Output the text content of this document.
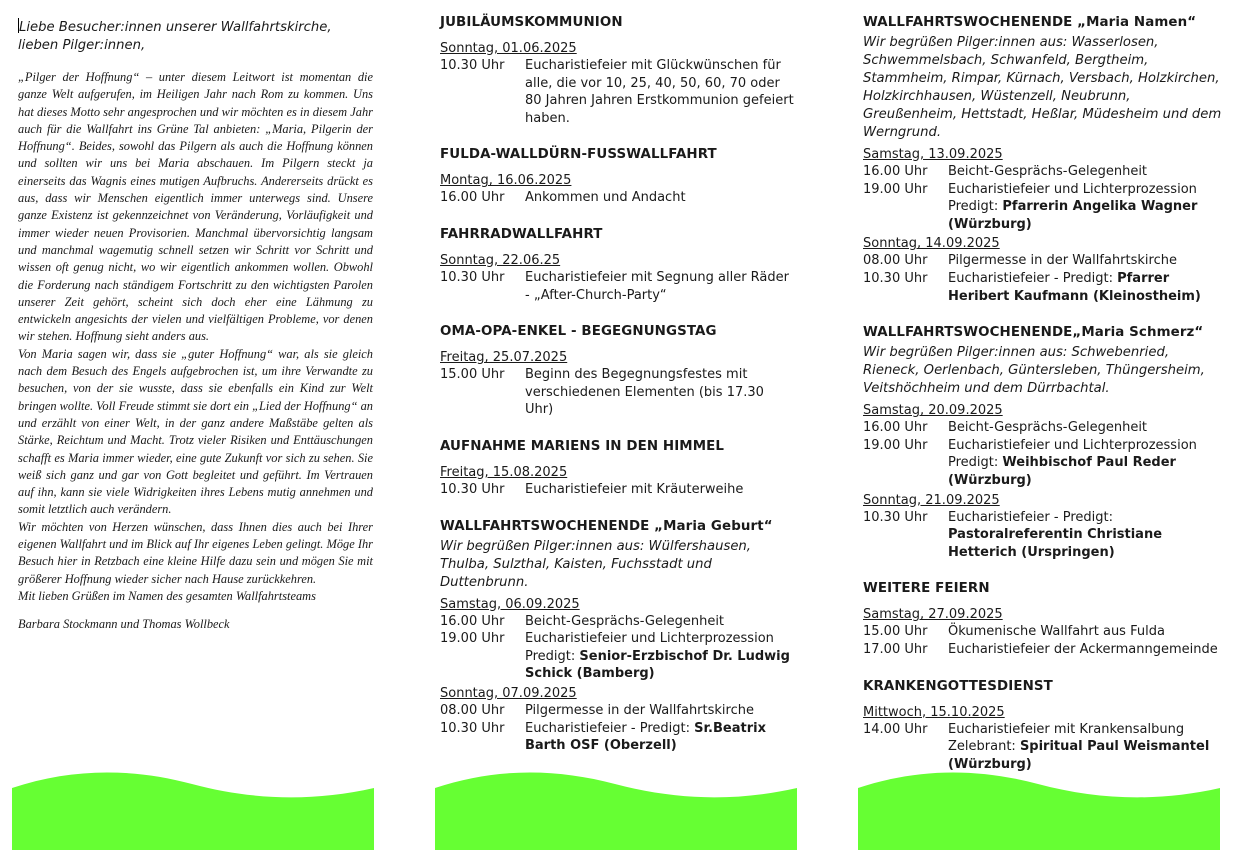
Liebe Besucher:innen unserer Wallfahrtskirche,
lieben Pilger:innen,

„Pilger der Hoffnung“ – unter diesem Leitwort ist momentan die ganze Welt aufgerufen, im Heiligen Jahr nach Rom zu kommen. Uns hat dieses Motto sehr angesprochen und wir möchten es in diesem Jahr auch für die Wallfahrt ins Grüne Tal anbieten: „Maria, Pilgerin der Hoffnung“. Beides, sowohl das Pilgern als auch die Hoffnung können und sollten wir uns bei Maria abschauen. Im Pilgern steckt ja einerseits das Wagnis eines mutigen Aufbruchs. Andererseits drückt es aus, dass wir Menschen eigentlich immer unterwegs sind. Unsere ganze Existenz ist gekennzeichnet von Veränderung, Vorläufigkeit und immer wieder neuen Provisorien. Manchmal übervorsichtig langsam und manchmal wagemutig schnell setzen wir Schritt vor Schritt und wissen oft genug nicht, wo wir eigentlich ankommen wollen. Obwohl die Forderung nach ständigem Fortschritt zu den wichtigsten Parolen unserer Zeit gehört, scheint sich doch eher eine Lähmung zu entwickeln angesichts der vielen und vielfältigen Probleme, vor denen wir stehen. Hoffnung sieht anders aus.

Von Maria sagen wir, dass sie „guter Hoffnung“ war, als sie gleich nach dem Besuch des Engels aufgebrochen ist, um ihre Verwandte zu besuchen, von der sie wusste, dass sie ebenfalls ein Kind zur Welt bringen wollte. Voll Freude stimmt sie dort ein „Lied der Hoffnung“ an und erzählt von einer Welt, in der ganz andere Maßstäbe gelten als Stärke, Reichtum und Macht. Trotz vieler Risiken und Enttäuschungen schafft es Maria immer wieder, eine gute Zukunft vor sich zu sehen. Sie weiß sich ganz und gar von Gott begleitet und geführt. Im Vertrauen auf ihn, kann sie viele Widrigkeiten ihres Lebens mutig annehmen und somit letztlich auch verändern.

Wir möchten von Herzen wünschen, dass Ihnen dies auch bei Ihrer eigenen Wallfahrt und im Blick auf Ihr eigenes Leben gelingt. Möge Ihr Besuch hier in Retzbach eine kleine Hilfe dazu sein und mögen Sie mit größerer Hoffnung wieder sicher nach Hause zurückkehren.

Mit lieben Grüßen im Namen des gesamten Wallfahrtsteams

Barbara Stockmann und Thomas Wollbeck
JUBILÄUMSKOMMUNION
Sonntag, 01.06.2025
10.30 Uhr	Eucharistiefeier mit Glückwünschen für alle, die vor 10, 25, 40, 50, 60, 70 oder 80 Jahren Jahren Erstkommunion gefeiert haben.
FULDA-WALLDÜRN-FUSSWALLFAHRT
Montag, 16.06.2025
16.00 Uhr	Ankommen und Andacht
FAHRRADWALLFAHRT
Sonntag, 22.06.25
10.30 Uhr	Eucharistiefeier mit Segnung aller Räder - „After-Church-Party“
OMA-OPA-ENKEL - BEGEGNUNGSTAG
Freitag, 25.07.2025
15.00 Uhr	Beginn des Begegnungsfestes mit verschiedenen Elementen (bis 17.30 Uhr)
AUFNAHME MARIENS IN DEN HIMMEL
Freitag, 15.08.2025
10.30 Uhr	Eucharistiefeier mit Kräuterweihe
WALLFAHRTSWOCHENENDE „Maria Geburt“
Wir begrüßen Pilger:innen aus: Wülfershausen, Thulba, Sulzthal, Kaisten, Fuchsstadt und Duttenbrunn.
Samstag, 06.09.2025
16.00 Uhr	Beicht-Gesprächs-Gelegenheit
19.00 Uhr	Eucharistiefeier und Lichterprozession Predigt: Senior-Erzbischof Dr. Ludwig Schick (Bamberg)
Sonntag, 07.09.2025
08.00 Uhr	Pilgermesse in der Wallfahrtskirche
10.30 Uhr	Eucharistiefeier - Predigt: Sr.Beatrix Barth OSF (Oberzell)
WALLFAHRTSWOCHENENDE „Maria Namen“
Wir begrüßen Pilger:innen aus: Wasserlosen, Schwemmelsbach, Schwanfeld, Bergtheim, Stammheim, Rimpar, Kürnach, Versbach, Holzkirchen, Holzkirchhausen, Wüstenzell, Neubrunn, Greußenheim, Hettstadt, Heßlar, Müdesheim und dem Werngrund.
Samstag, 13.09.2025
16.00 Uhr	Beicht-Gesprächs-Gelegenheit
19.00 Uhr	Eucharistiefeier und Lichterprozession Predigt: Pfarrerin Angelika Wagner (Würzburg)
Sonntag, 14.09.2025
08.00 Uhr	Pilgermesse in der Wallfahrtskirche
10.30 Uhr	Eucharistiefeier - Predigt: Pfarrer Heribert Kaufmann (Kleinostheim)
WALLFAHRTSWOCHENENDE„Maria Schmerz“
Wir begrüßen Pilger:innen aus: Schwebenried, Rieneck, Oerlenbach, Güntersleben, Thüngersheim, Veitshöchheim und dem Dürrbachtal.
Samstag, 20.09.2025
16.00 Uhr	Beicht-Gesprächs-Gelegenheit
19.00 Uhr	Eucharistiefeier und Lichterprozession Predigt: Weihbischof Paul Reder (Würzburg)
Sonntag, 21.09.2025
10.30 Uhr	Eucharistiefeier - Predigt: Pastoralreferentin Christiane Hetterich (Urspringen)
WEITERE FEIERN
Samstag, 27.09.2025
15.00 Uhr	Ökumenische Wallfahrt aus Fulda
17.00 Uhr	Eucharistiefeier der Ackermanngemeinde
KRANKENGOTTESDIENST
Mittwoch, 15.10.2025
14.00 Uhr	Eucharistiefeier mit Krankensalbung Zelebrant: Spiritual Paul Weismantel (Würzburg)
